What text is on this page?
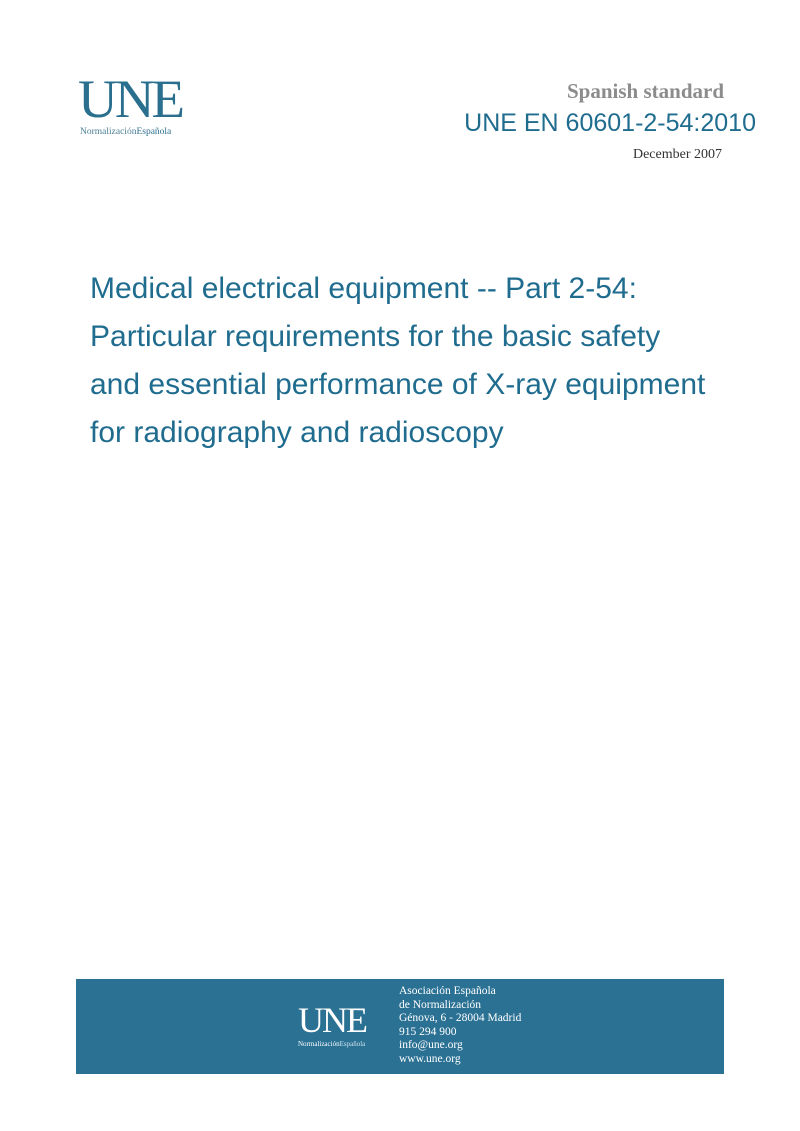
UNE
NormalizaciónEspañola
Spanish standard
UNE EN 60601-2-54:2010
December 2007
Medical electrical equipment -- Part 2-54:
Particular requirements for the basic safety
and essential performance of X-ray equipment
for radiography and radioscopy
UNE
NormalizaciónEspañola
Asociación Española
de Normalización
Génova, 6 - 28004 Madrid
915 294 900
info@une.org
www.une.org
